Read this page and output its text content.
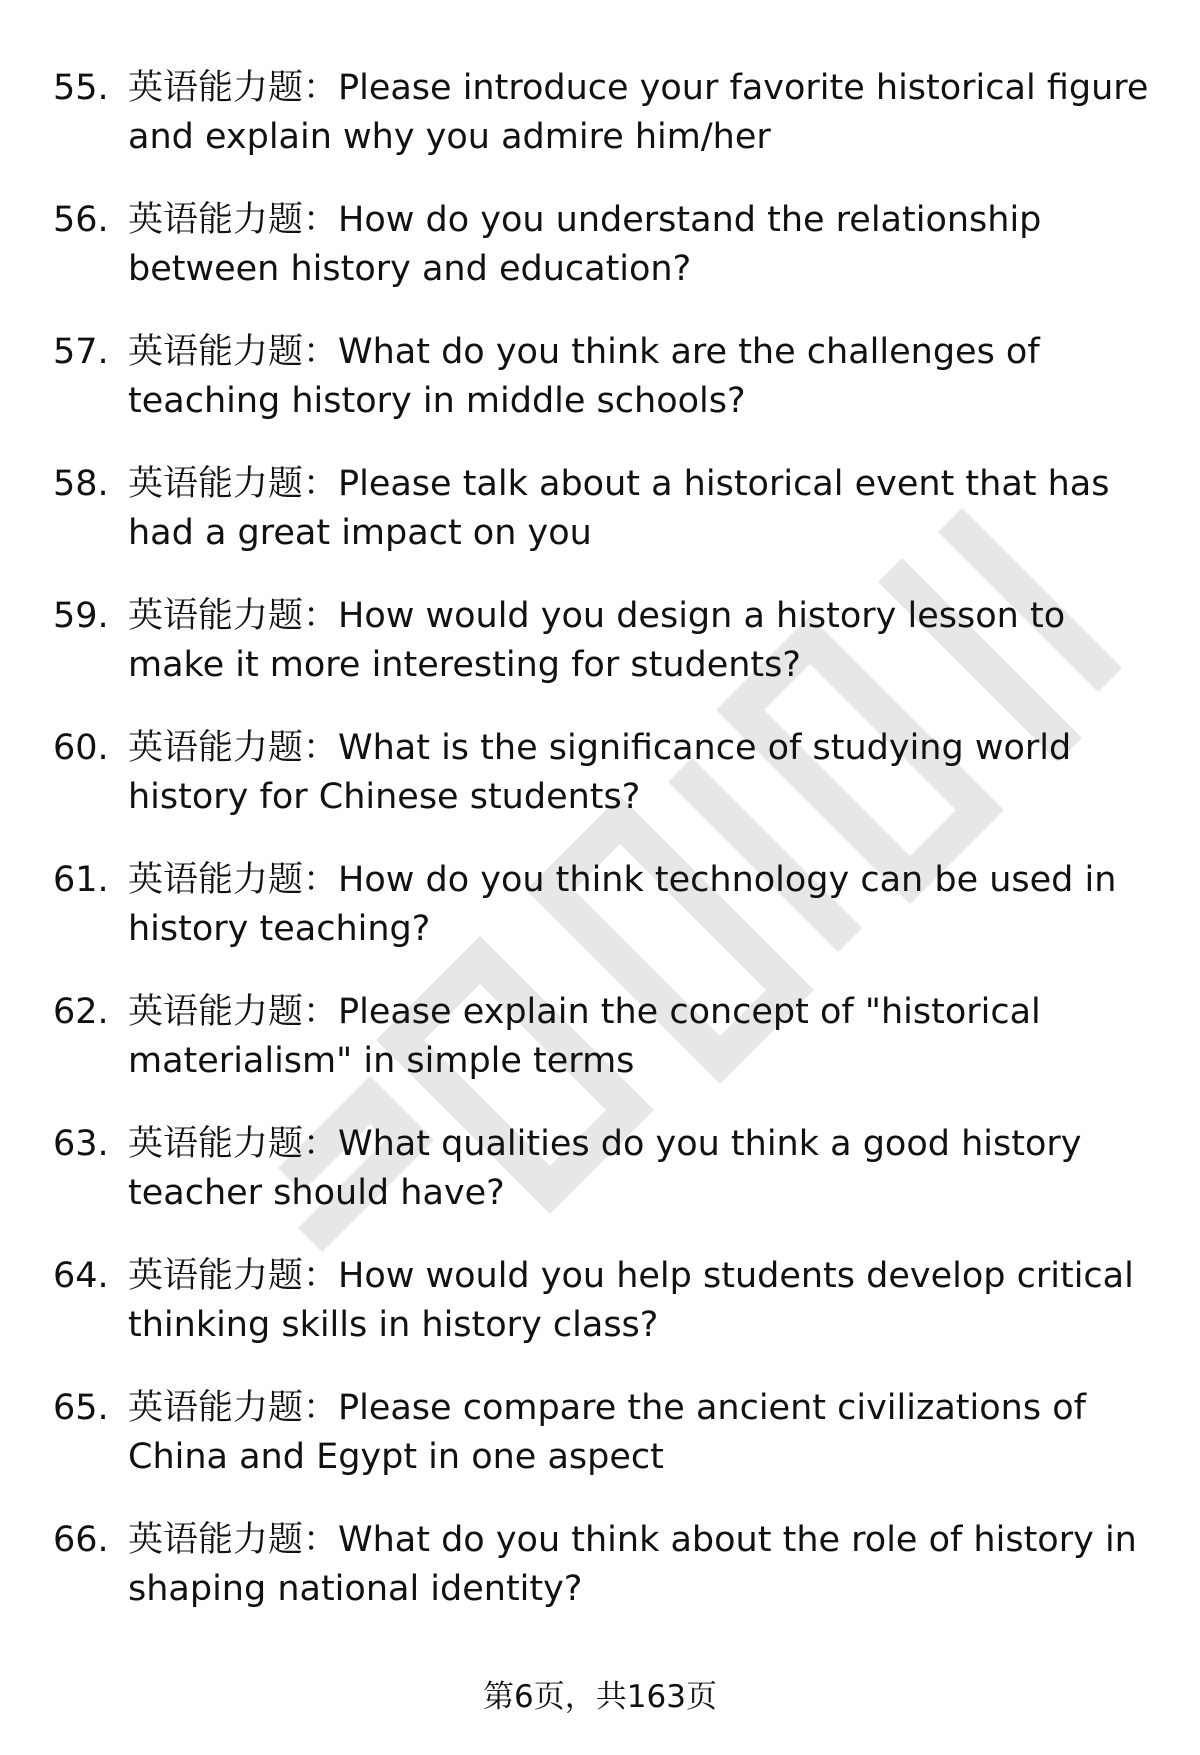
55. 英语能力题：Please introduce your favorite historical figure
and explain why you admire him/her
56. 英语能力题：How do you understand the relationship
between history and education?
57. 英语能力题：What do you think are the challenges of
teaching history in middle schools?
58. 英语能力题：Please talk about a historical event that has
had a great impact on you
59. 英语能力题：How would you design a history lesson to
make it more interesting for students?
60. 英语能力题：What is the significance of studying world
history for Chinese students?
61. 英语能力题：How do you think technology can be used in
history teaching?
62. 英语能力题：Please explain the concept of "historical
materialism" in simple terms
63. 英语能力题：What qualities do you think a good history
teacher should have?
64. 英语能力题：How would you help students develop critical
thinking skills in history class?
65. 英语能力题：Please compare the ancient civilizations of
China and Egypt in one aspect
66. 英语能力题：What do you think about the role of history in
shaping national identity?
第6页，共163页
